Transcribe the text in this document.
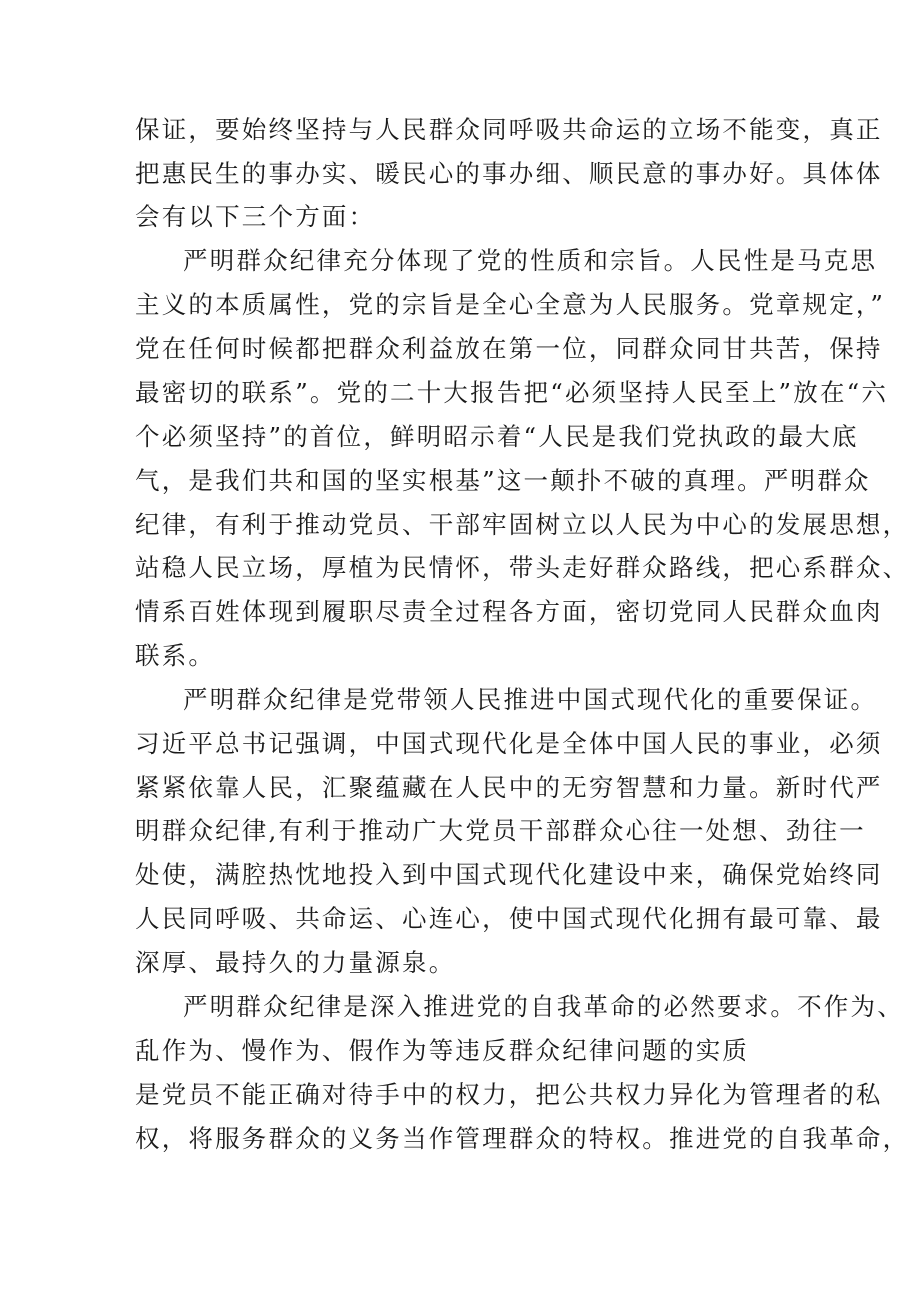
保证，要始终坚持与人民群众同呼吸共命运的立场不能变，真正
把惠民生的事办实、暖民心的事办细、顺民意的事办好。具体体
会有以下三个方面：
严明群众纪律充分体现了党的性质和宗旨。人民性是马克思
主义的本质属性，党的宗旨是全心全意为人民服务。党章规定，”
党在任何时候都把群众利益放在第一位，同群众同甘共苦，保持
最密切的联系”。党的二十大报告把“必须坚持人民至上”放在“六
个必须坚持”的首位，鲜明昭示着“人民是我们党执政的最大底
气，是我们共和国的坚实根基”这一颠扑不破的真理。严明群众
纪律，有利于推动党员、干部牢固树立以人民为中心的发展思想，
站稳人民立场，厚植为民情怀，带头走好群众路线，把心系群众、
情系百姓体现到履职尽责全过程各方面，密切党同人民群众血肉
联系。
严明群众纪律是党带领人民推进中国式现代化的重要保证。
习近平总书记强调，中国式现代化是全体中国人民的事业，必须
紧紧依靠人民，汇聚蕴藏在人民中的无穷智慧和力量。新时代严
明群众纪律,有利于推动广大党员干部群众心往一处想、劲往一
处使，满腔热忱地投入到中国式现代化建设中来，确保党始终同
人民同呼吸、共命运、心连心，使中国式现代化拥有最可靠、最
深厚、最持久的力量源泉。
严明群众纪律是深入推进党的自我革命的必然要求。不作为、
乱作为、慢作为、假作为等违反群众纪律问题的实质
是党员不能正确对待手中的权力，把公共权力异化为管理者的私
权，将服务群众的义务当作管理群众的特权。推进党的自我革命，
